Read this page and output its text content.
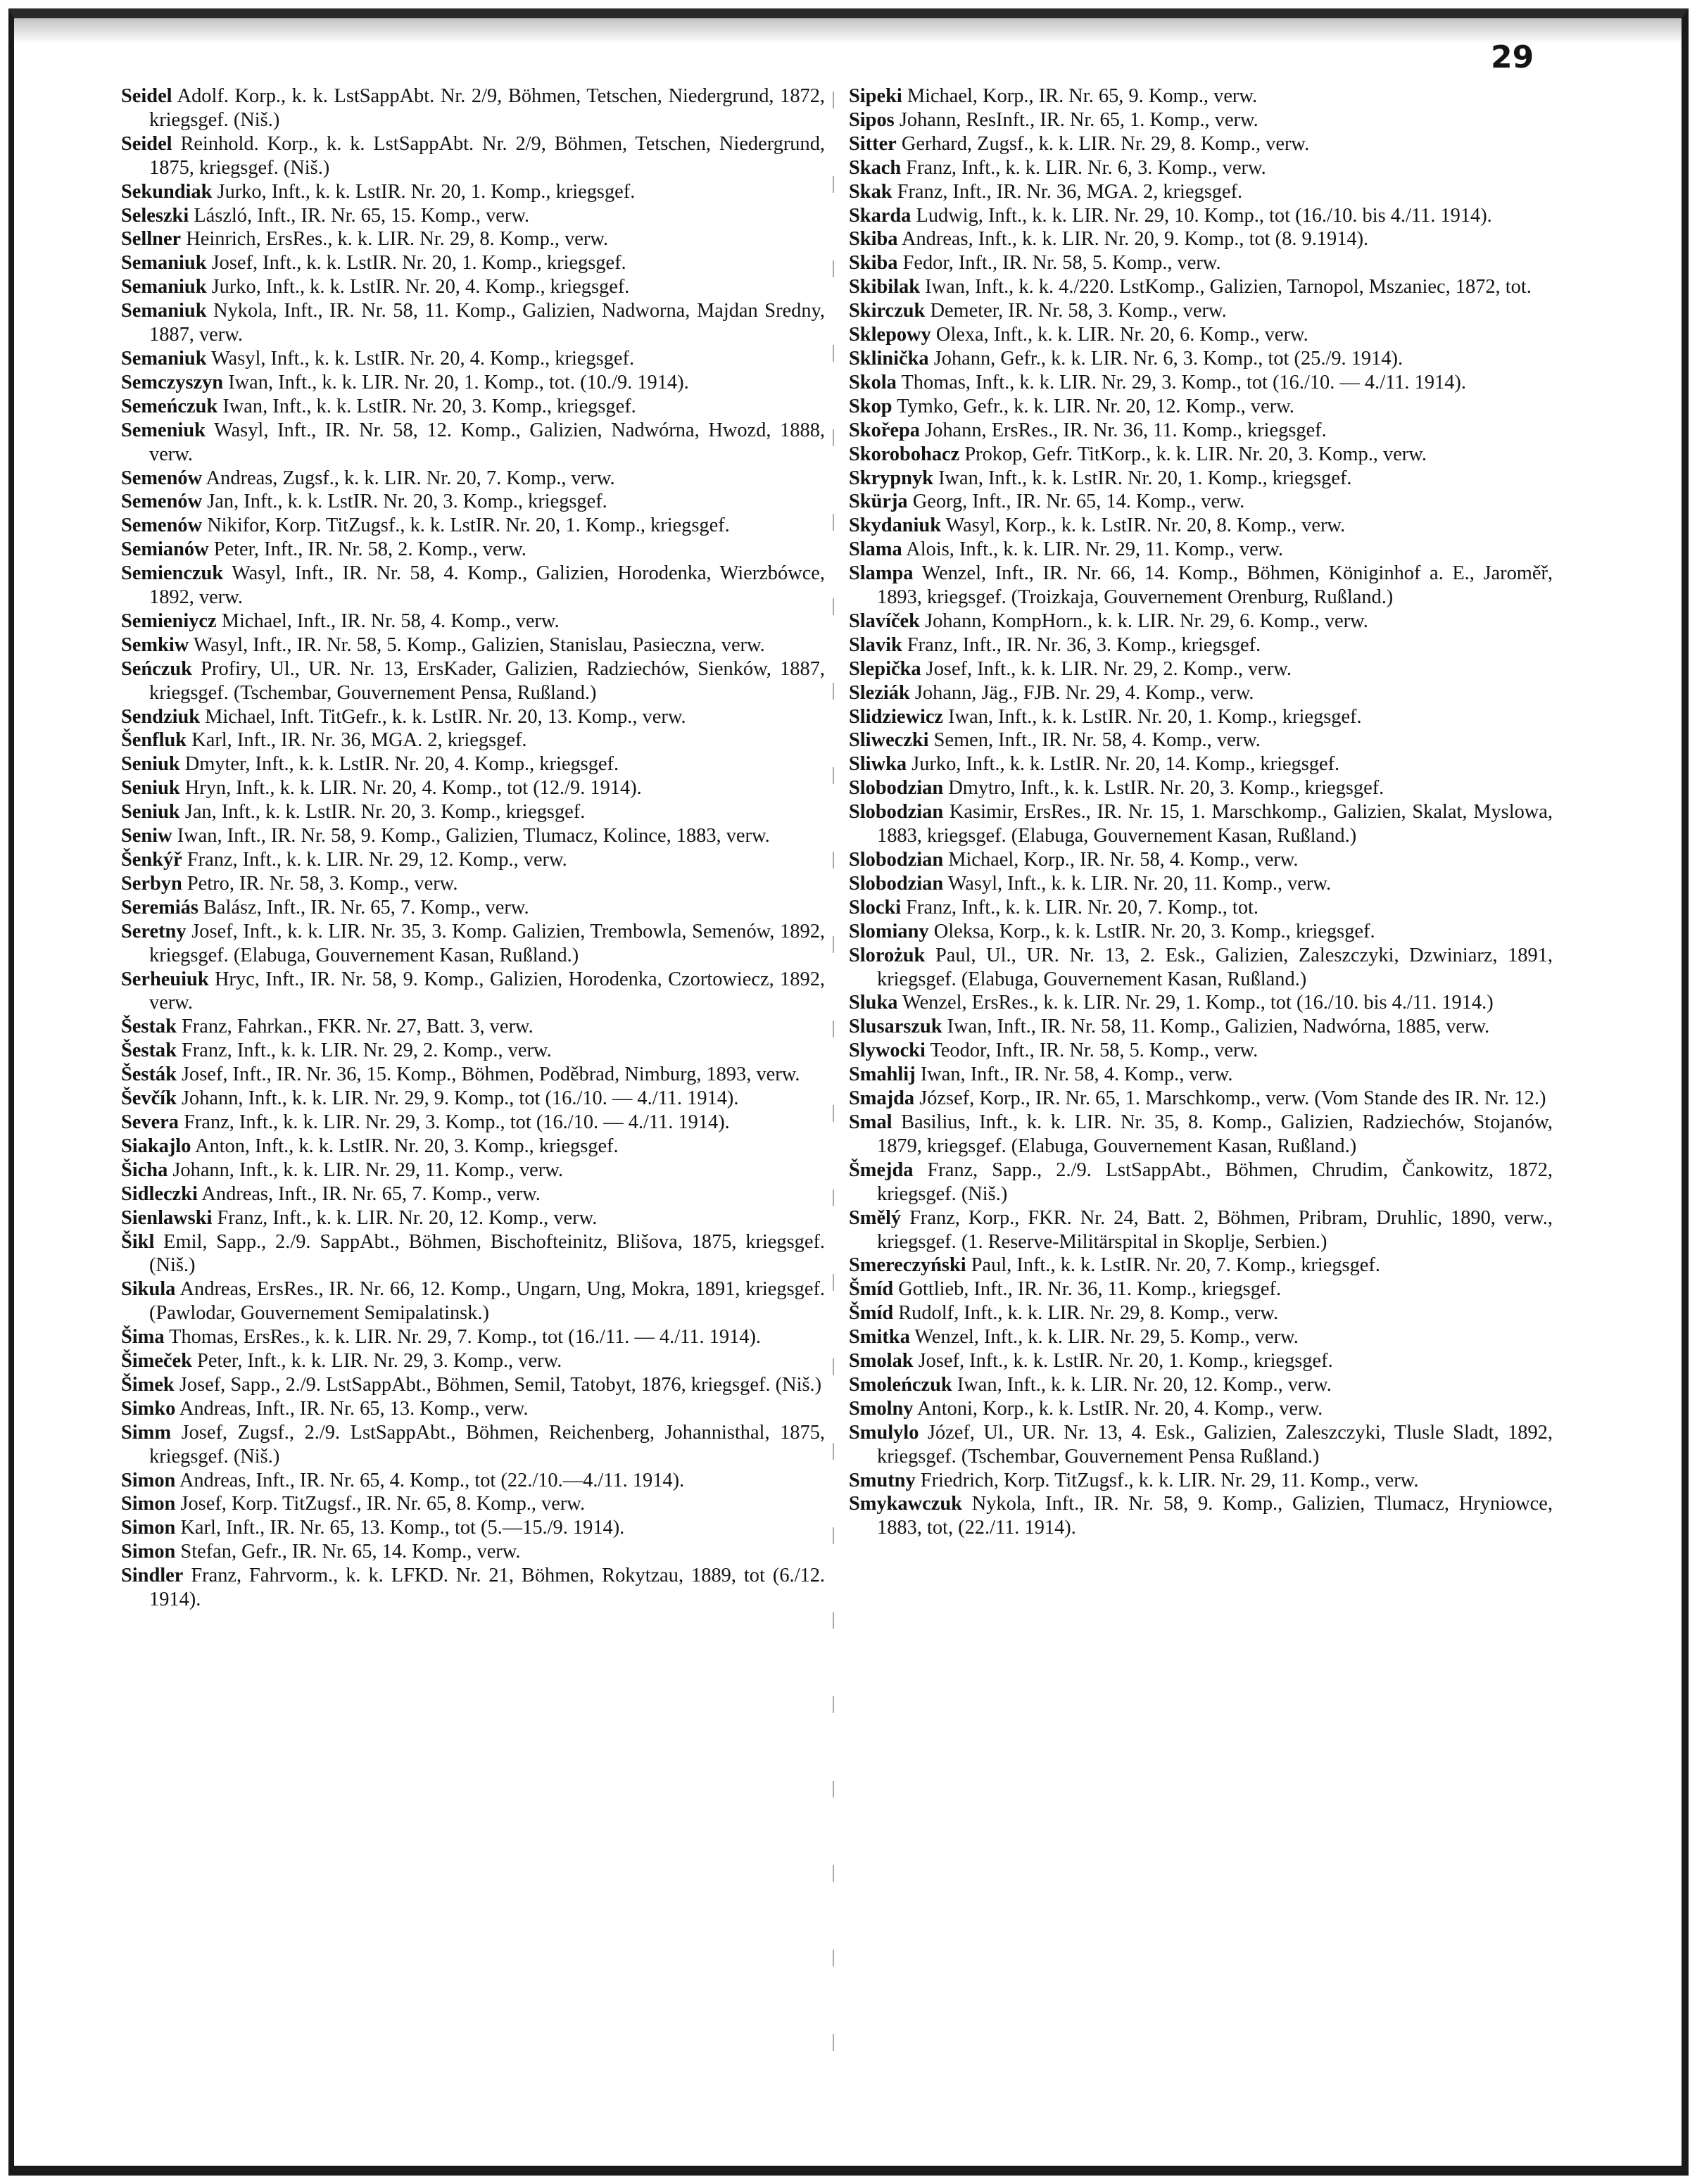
29

Seidel Adolf. Korp., k. k. LstSappAbt. Nr. 2/9, Böhmen, Tetschen, Niedergrund, 1872, kriegsgef. (Niš.)

Seidel Reinhold. Korp., k. k. LstSappAbt. Nr. 2/9, Böhmen, Tetschen, Niedergrund, 1875, kriegsgef. (Niš.)

Sekundiak Jurko, Inft., k. k. LstIR. Nr. 20, 1. Komp., kriegsgef.

Seleszki László, Inft., IR. Nr. 65, 15. Komp., verw.

Sellner Heinrich, ErsRes., k. k. LIR. Nr. 29, 8. Komp., verw.

Semaniuk Josef, Inft., k. k. LstIR. Nr. 20, 1. Komp., kriegsgef.

Semaniuk Jurko, Inft., k. k. LstIR. Nr. 20, 4. Komp., kriegsgef.

Semaniuk Nykola, Inft., IR. Nr. 58, 11. Komp., Galizien, Nadworna, Majdan Sredny, 1887, verw.

Semaniuk Wasyl, Inft., k. k. LstIR. Nr. 20, 4. Komp., kriegsgef.

Semczyszyn Iwan, Inft., k. k. LIR. Nr. 20, 1. Komp., tot. (10./9. 1914).

Semeńczuk Iwan, Inft., k. k. LstIR. Nr. 20, 3. Komp., kriegsgef.

Semeniuk Wasyl, Inft., IR. Nr. 58, 12. Komp., Galizien, Nadwórna, Hwozd, 1888, verw.

Semenów Andreas, Zugsf., k. k. LIR. Nr. 20, 7. Komp., verw.

Semenów Jan, Inft., k. k. LstIR. Nr. 20, 3. Komp., kriegsgef.

Semenów Nikifor, Korp. TitZugsf., k. k. LstIR. Nr. 20, 1. Komp., kriegsgef.

Semianów Peter, Inft., IR. Nr. 58, 2. Komp., verw.

Semienczuk Wasyl, Inft., IR. Nr. 58, 4. Komp., Galizien, Horodenka, Wierzbówce, 1892, verw.

Semieniycz Michael, Inft., IR. Nr. 58, 4. Komp., verw.

Semkiw Wasyl, Inft., IR. Nr. 58, 5. Komp., Galizien, Stanislau, Pasieczna, verw.

Seńczuk Profiry, Ul., UR. Nr. 13, ErsKader, Galizien, Radziechów, Sienków, 1887, kriegsgef. (Tschembar, Gouvernement Pensa, Rußland.)

Sendziuk Michael, Inft. TitGefr., k. k. LstIR. Nr. 20, 13. Komp., verw.

Šenfluk Karl, Inft., IR. Nr. 36, MGA. 2, kriegsgef.

Seniuk Dmyter, Inft., k. k. LstIR. Nr. 20, 4. Komp., kriegsgef.

Seniuk Hryn, Inft., k. k. LIR. Nr. 20, 4. Komp., tot (12./9. 1914).

Seniuk Jan, Inft., k. k. LstIR. Nr. 20, 3. Komp., kriegsgef.

Seniw Iwan, Inft., IR. Nr. 58, 9. Komp., Galizien, Tlumacz, Kolince, 1883, verw.

Šenkýř Franz, Inft., k. k. LIR. Nr. 29, 12. Komp., verw.

Serbyn Petro, IR. Nr. 58, 3. Komp., verw.

Seremiás Balász, Inft., IR. Nr. 65, 7. Komp., verw.

Seretny Josef, Inft., k. k. LIR. Nr. 35, 3. Komp. Galizien, Trembowla, Semenów, 1892, kriegsgef. (Elabuga, Gouvernement Kasan, Rußland.)

Serheuiuk Hryc, Inft., IR. Nr. 58, 9. Komp., Galizien, Horodenka, Czortowiecz, 1892, verw.

Šestak Franz, Fahrkan., FKR. Nr. 27, Batt. 3, verw.

Šestak Franz, Inft., k. k. LIR. Nr. 29, 2. Komp., verw.

Šesták Josef, Inft., IR. Nr. 36, 15. Komp., Böhmen, Poděbrad, Nimburg, 1893, verw.

Ševčík Johann, Inft., k. k. LIR. Nr. 29, 9. Komp., tot (16./10. — 4./11. 1914).

Severa Franz, Inft., k. k. LIR. Nr. 29, 3. Komp., tot (16./10. — 4./11. 1914).

Siakajlo Anton, Inft., k. k. LstIR. Nr. 20, 3. Komp., kriegsgef.

Šicha Johann, Inft., k. k. LIR. Nr. 29, 11. Komp., verw.

Sidleczki Andreas, Inft., IR. Nr. 65, 7. Komp., verw.

Sienlawski Franz, Inft., k. k. LIR. Nr. 20, 12. Komp., verw.

Šikl Emil, Sapp., 2./9. SappAbt., Böhmen, Bischofteinitz, Blišova, 1875, kriegsgef. (Niš.)

Sikula Andreas, ErsRes., IR. Nr. 66, 12. Komp., Ungarn, Ung, Mokra, 1891, kriegsgef. (Pawlodar, Gouvernement Semipalatinsk.)

Šima Thomas, ErsRes., k. k. LIR. Nr. 29, 7. Komp., tot (16./11. — 4./11. 1914).

Šimeček Peter, Inft., k. k. LIR. Nr. 29, 3. Komp., verw.

Šimek Josef, Sapp., 2./9. LstSappAbt., Böhmen, Semil, Tatobyt, 1876, kriegsgef. (Niš.)

Simko Andreas, Inft., IR. Nr. 65, 13. Komp., verw.

Simm Josef, Zugsf., 2./9. LstSappAbt., Böhmen, Reichenberg, Johannisthal, 1875, kriegsgef. (Niš.)

Simon Andreas, Inft., IR. Nr. 65, 4. Komp., tot (22./10.—4./11. 1914).

Simon Josef, Korp. TitZugsf., IR. Nr. 65, 8. Komp., verw.

Simon Karl, Inft., IR. Nr. 65, 13. Komp., tot (5.—15./9. 1914).

Simon Stefan, Gefr., IR. Nr. 65, 14. Komp., verw.

Sindler Franz, Fahrvorm., k. k. LFKD. Nr. 21, Böhmen, Rokytzau, 1889, tot (6./12. 1914).

Sipeki Michael, Korp., IR. Nr. 65, 9. Komp., verw.

Sipos Johann, ResInft., IR. Nr. 65, 1. Komp., verw.

Sitter Gerhard, Zugsf., k. k. LIR. Nr. 29, 8. Komp., verw.

Skach Franz, Inft., k. k. LIR. Nr. 6, 3. Komp., verw.

Skak Franz, Inft., IR. Nr. 36, MGA. 2, kriegsgef.

Skarda Ludwig, Inft., k. k. LIR. Nr. 29, 10. Komp., tot (16./10. bis 4./11. 1914).

Skiba Andreas, Inft., k. k. LIR. Nr. 20, 9. Komp., tot (8. 9.1914).

Skiba Fedor, Inft., IR. Nr. 58, 5. Komp., verw.

Skibilak Iwan, Inft., k. k. 4./220. LstKomp., Galizien, Tarnopol, Mszaniec, 1872, tot.

Skirczuk Demeter, IR. Nr. 58, 3. Komp., verw.

Sklepowy Olexa, Inft., k. k. LIR. Nr. 20, 6. Komp., verw.

Sklinička Johann, Gefr., k. k. LIR. Nr. 6, 3. Komp., tot (25./9. 1914).

Skola Thomas, Inft., k. k. LIR. Nr. 29, 3. Komp., tot (16./10. — 4./11. 1914).

Skop Tymko, Gefr., k. k. LIR. Nr. 20, 12. Komp., verw.

Skořepa Johann, ErsRes., IR. Nr. 36, 11. Komp., kriegsgef.

Skorobohacz Prokop, Gefr. TitKorp., k. k. LIR. Nr. 20, 3. Komp., verw.

Skrypnyk Iwan, Inft., k. k. LstIR. Nr. 20, 1. Komp., kriegsgef.

Skürja Georg, Inft., IR. Nr. 65, 14. Komp., verw.

Skydaniuk Wasyl, Korp., k. k. LstIR. Nr. 20, 8. Komp., verw.

Slama Alois, Inft., k. k. LIR. Nr. 29, 11. Komp., verw.

Slampa Wenzel, Inft., IR. Nr. 66, 14. Komp., Böhmen, Königinhof a. E., Jaroměř, 1893, kriegsgef. (Troizkaja, Gouvernement Orenburg, Rußland.)

Slavíček Johann, KompHorn., k. k. LIR. Nr. 29, 6. Komp., verw.

Slavik Franz, Inft., IR. Nr. 36, 3. Komp., kriegsgef.

Slepička Josef, Inft., k. k. LIR. Nr. 29, 2. Komp., verw.

Sleziák Johann, Jäg., FJB. Nr. 29, 4. Komp., verw.

Slidziewicz Iwan, Inft., k. k. LstIR. Nr. 20, 1. Komp., kriegsgef.

Sliweczki Semen, Inft., IR. Nr. 58, 4. Komp., verw.

Sliwka Jurko, Inft., k. k. LstIR. Nr. 20, 14. Komp., kriegsgef.

Slobodzian Dmytro, Inft., k. k. LstIR. Nr. 20, 3. Komp., kriegsgef.

Slobodzian Kasimir, ErsRes., IR. Nr. 15, 1. Marschkomp., Galizien, Skalat, Myslowa, 1883, kriegsgef. (Elabuga, Gouvernement Kasan, Rußland.)

Slobodzian Michael, Korp., IR. Nr. 58, 4. Komp., verw.

Slobodzian Wasyl, Inft., k. k. LIR. Nr. 20, 11. Komp., verw.

Slocki Franz, Inft., k. k. LIR. Nr. 20, 7. Komp., tot.

Slomiany Oleksa, Korp., k. k. LstIR. Nr. 20, 3. Komp., kriegsgef.

Slorożuk Paul, Ul., UR. Nr. 13, 2. Esk., Galizien, Zaleszczyki, Dzwiniarz, 1891, kriegsgef. (Elabuga, Gouvernement Kasan, Rußland.)

Sluka Wenzel, ErsRes., k. k. LIR. Nr. 29, 1. Komp., tot (16./10. bis 4./11. 1914.)

Slusarszuk Iwan, Inft., IR. Nr. 58, 11. Komp., Galizien, Nadwórna, 1885, verw.

Slywocki Teodor, Inft., IR. Nr. 58, 5. Komp., verw.

Smahlij Iwan, Inft., IR. Nr. 58, 4. Komp., verw.

Smajda József, Korp., IR. Nr. 65, 1. Marschkomp., verw. (Vom Stande des IR. Nr. 12.)

Smal Basilius, Inft., k. k. LIR. Nr. 35, 8. Komp., Galizien, Radziechów, Stojanów, 1879, kriegsgef. (Elabuga, Gouvernement Kasan, Rußland.)

Šmejda Franz, Sapp., 2./9. LstSappAbt., Böhmen, Chrudim, Čankowitz, 1872, kriegsgef. (Niš.)

Smělý Franz, Korp., FKR. Nr. 24, Batt. 2, Böhmen, Pribram, Druhlic, 1890, verw., kriegsgef. (1. Reserve-Militärspital in Skoplje, Serbien.)

Smereczyński Paul, Inft., k. k. LstIR. Nr. 20, 7. Komp., kriegsgef.

Šmíd Gottlieb, Inft., IR. Nr. 36, 11. Komp., kriegsgef.

Šmíd Rudolf, Inft., k. k. LIR. Nr. 29, 8. Komp., verw.

Smitka Wenzel, Inft., k. k. LIR. Nr. 29, 5. Komp., verw.

Smolak Josef, Inft., k. k. LstIR. Nr. 20, 1. Komp., kriegsgef.

Smoleńczuk Iwan, Inft., k. k. LIR. Nr. 20, 12. Komp., verw.

Smolny Antoni, Korp., k. k. LstIR. Nr. 20, 4. Komp., verw.

Smulylo Józef, Ul., UR. Nr. 13, 4. Esk., Galizien, Zaleszczyki, Tlusle Sladt, 1892, kriegsgef. (Tschembar, Gouvernement Pensa Rußland.)

Smutny Friedrich, Korp. TitZugsf., k. k. LIR. Nr. 29, 11. Komp., verw.

Smykawczuk Nykola, Inft., IR. Nr. 58, 9. Komp., Galizien, Tlumacz, Hryniowce, 1883, tot, (22./11. 1914).
